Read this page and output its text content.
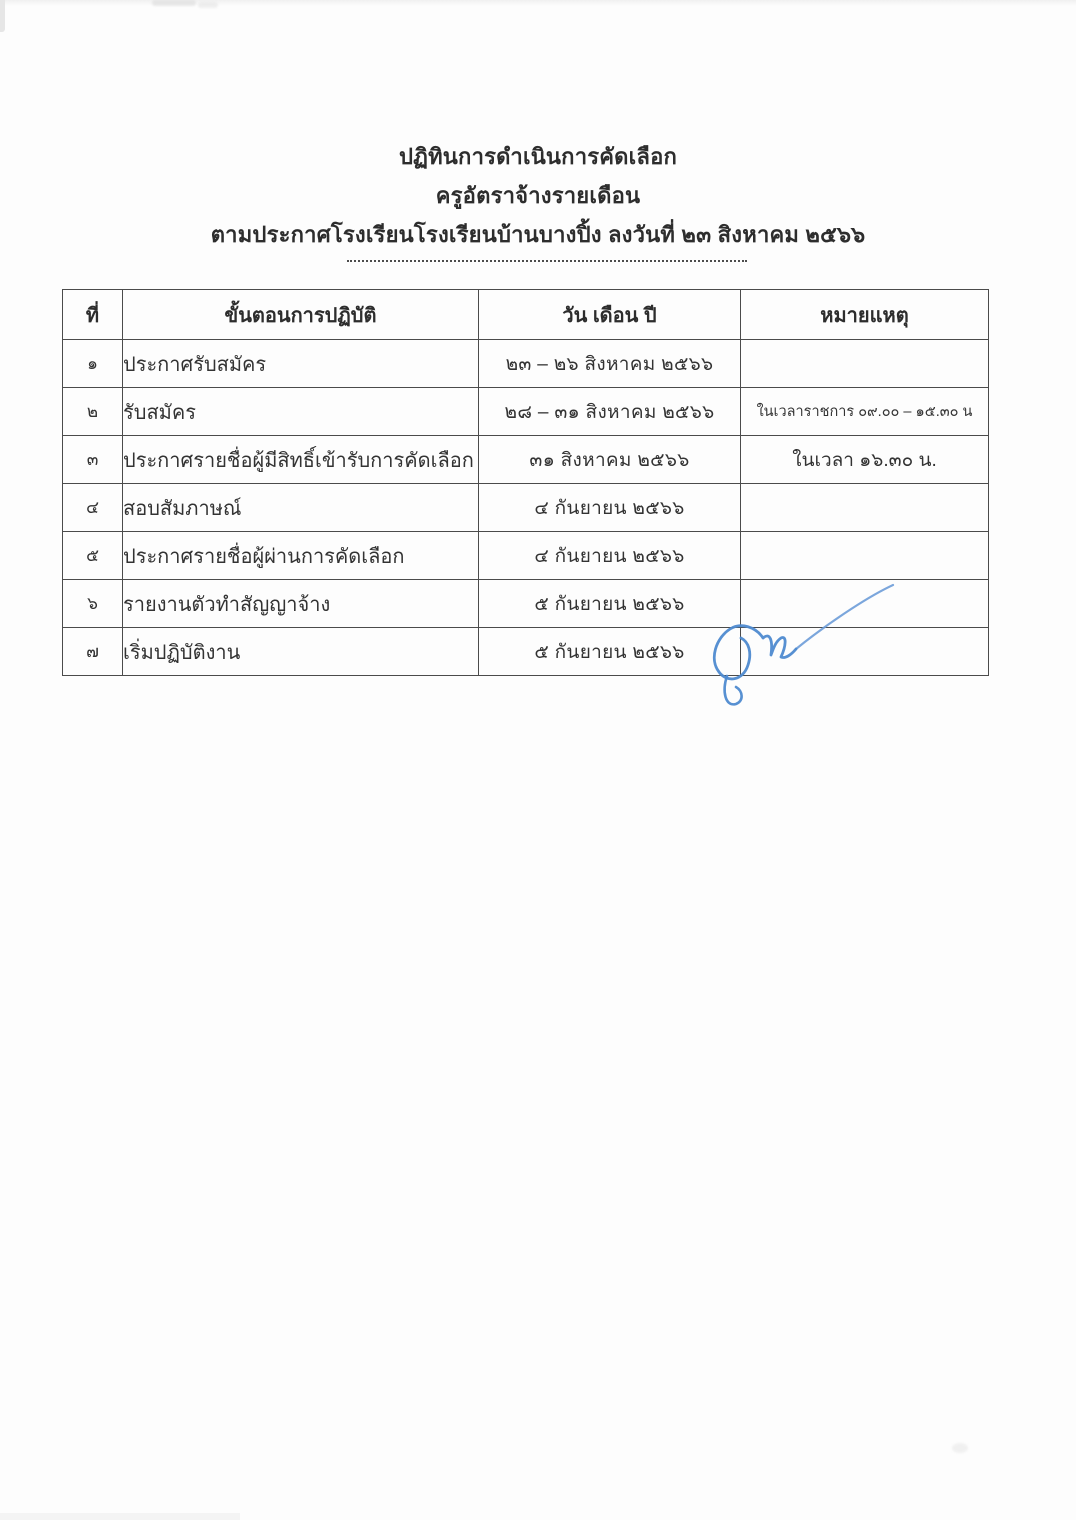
ปฏิทินการดำเนินการคัดเลือก
ครูอัตราจ้างรายเดือน
ตามประกาศโรงเรียนโรงเรียนบ้านบางปิ้ง ลงวันที่ ๒๓ สิงหาคม ๒๕๖๖
ที่	ขั้นตอนการปฏิบัติ	วัน เดือน ปี	หมายแหตุ
๑	ประกาศรับสมัคร	๒๓ – ๒๖ สิงหาคม ๒๕๖๖	
๒	รับสมัคร	๒๘ – ๓๑ สิงหาคม ๒๕๖๖	ในเวลาราชการ ๐๙.๐๐ – ๑๕.๓๐ น
๓	ประกาศรายชื่อผู้มีสิทธิ์เข้ารับการคัดเลือก	๓๑ สิงหาคม ๒๕๖๖	ในเวลา ๑๖.๓๐ น.
๔	สอบสัมภาษณ์	๔ กันยายน ๒๕๖๖	
๕	ประกาศรายชื่อผู้ผ่านการคัดเลือก	๔ กันยายน ๒๕๖๖	
๖	รายงานตัวทำสัญญาจ้าง	๕ กันยายน ๒๕๖๖	
๗	เริ่มปฏิบัติงาน	๕ กันยายน ๒๕๖๖	
